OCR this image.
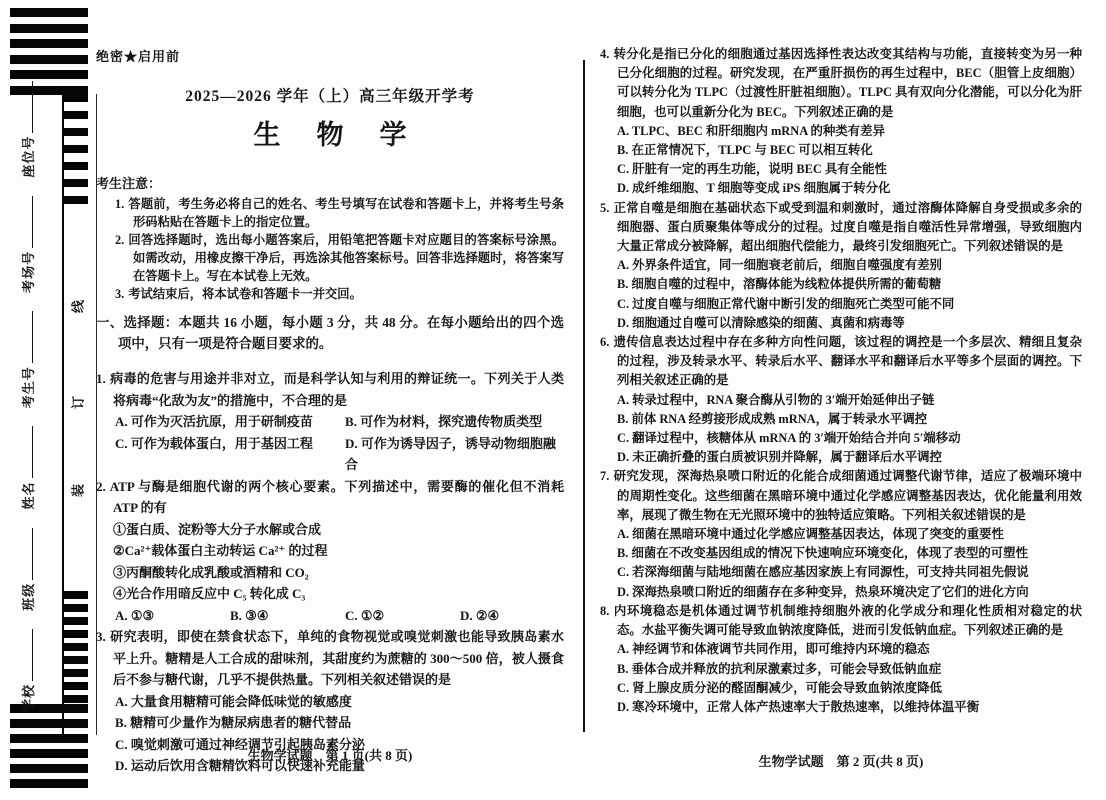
学校 班级 姓名 考生号 考场号 座位号
线
订
装
绝密★启用前
2025—2026 学年（上）高三年级开学考
生物学
考生注意：
1. 答题前，考生务必将自己的姓名、考生号填写在试卷和答题卡上，并将考生号条形码粘贴在答题卡上的指定位置。
2. 回答选择题时，选出每小题答案后，用铅笔把答题卡对应题目的答案标号涂黑。如需改动，用橡皮擦干净后，再选涂其他答案标号。回答非选择题时，将答案写在答题卡上。写在本试卷上无效。
3. 考试结束后，将本试卷和答题卡一并交回。
一、选择题：本题共 16 小题，每小题 3 分，共 48 分。在每小题给出的四个选项中，只有一项是符合题目要求的。

1. 病毒的危害与用途并非对立，而是科学认知与利用的辩证统一。下列关于人类将病毒“化敌为友”的措施中，不合理的是

A. 可作为灭活抗原，用于研制疫苗	B. 可作为材料，探究遗传物质类型
C. 可作为载体蛋白，用于基因工程	D. 可作为诱导因子，诱导动物细胞融合

2. ATP 与酶是细胞代谢的两个核心要素。下列描述中，需要酶的催化但不消耗 ATP 的有

①蛋白质、淀粉等大分子水解或合成
②Ca²⁺载体蛋白主动转运 Ca²⁺ 的过程
③丙酮酸转化成乳酸或酒精和 CO₂
④光合作用暗反应中 C₅ 转化成 C₃
A. ①③	B. ③④	C. ①②	D. ②④

3. 研究表明，即使在禁食状态下，单纯的食物视觉或嗅觉刺激也能导致胰岛素水平上升。糖精是人工合成的甜味剂，其甜度约为蔗糖的 300～500 倍，被人摄食后不参与糖代谢，几乎不提供热量。下列相关叙述错误的是

A. 大量食用糖精可能会降低味觉的敏感度
B. 糖精可少量作为糖尿病患者的糖代替品
C. 嗅觉刺激可通过神经调节引起胰岛素分泌
D. 运动后饮用含糖精饮料可以快速补充能量

4. 转分化是指已分化的细胞通过基因选择性表达改变其结构与功能，直接转变为另一种已分化细胞的过程。研究发现，在严重肝损伤的再生过程中，BEC（胆管上皮细胞）可以转分化为 TLPC（过渡性肝脏祖细胞）。TLPC 具有双向分化潜能，可以分化为肝细胞，也可以重新分化为 BEC。下列叙述正确的是

A. TLPC、BEC 和肝细胞内 mRNA 的种类有差异
B. 在正常情况下，TLPC 与 BEC 可以相互转化
C. 肝脏有一定的再生功能，说明 BEC 具有全能性
D. 成纤维细胞、T 细胞等变成 iPS 细胞属于转分化

5. 正常自噬是细胞在基础状态下或受到温和刺激时，通过溶酶体降解自身受损或多余的细胞器、蛋白质聚集体等成分的过程。过度自噬是指自噬活性异常增强，导致细胞内大量正常成分被降解，超出细胞代偿能力，最终引发细胞死亡。下列叙述错误的是

A. 外界条件适宜，同一细胞衰老前后，细胞自噬强度有差别
B. 细胞自噬的过程中，溶酶体能为线粒体提供所需的葡萄糖
C. 过度自噬与细胞正常代谢中断引发的细胞死亡类型可能不同
D. 细胞通过自噬可以清除感染的细菌、真菌和病毒等

6. 遗传信息表达过程中存在多种方向性问题，该过程的调控是一个多层次、精细且复杂的过程，涉及转录水平、转录后水平、翻译水平和翻译后水平等多个层面的调控。下列相关叙述正确的是

A. 转录过程中，RNA 聚合酶从引物的 3′端开始延伸出子链
B. 前体 RNA 经剪接形成成熟 mRNA，属于转录水平调控
C. 翻译过程中，核糖体从 mRNA 的 3′端开始结合并向 5′端移动
D. 未正确折叠的蛋白质被识别并降解，属于翻译后水平调控

7. 研究发现，深海热泉喷口附近的化能合成细菌通过调整代谢节律，适应了极端环境中的周期性变化。这些细菌在黑暗环境中通过化学感应调整基因表达，优化能量利用效率，展现了微生物在无光照环境中的独特适应策略。下列相关叙述错误的是

A. 细菌在黑暗环境中通过化学感应调整基因表达，体现了突变的重要性
B. 细菌在不改变基因组成的情况下快速响应环境变化，体现了表型的可塑性
C. 若深海细菌与陆地细菌在感应基因家族上有同源性，可支持共同祖先假说
D. 深海热泉喷口附近的细菌存在多种变异，热泉环境决定了它们的进化方向

8. 内环境稳态是机体通过调节机制维持细胞外液的化学成分和理化性质相对稳定的状态。水盐平衡失调可能导致血钠浓度降低，进而引发低钠血症。下列叙述正确的是

A. 神经调节和体液调节共同作用，即可维持内环境的稳态
B. 垂体合成并释放的抗利尿激素过多，可能会导致低钠血症
C. 肾上腺皮质分泌的醛固酮减少，可能会导致血钠浓度降低
D. 寒冷环境中，正常人体产热速率大于散热速率，以维持体温平衡
生物学试题　第 1 页(共 8 页)	生物学试题　第 2 页(共 8 页)
